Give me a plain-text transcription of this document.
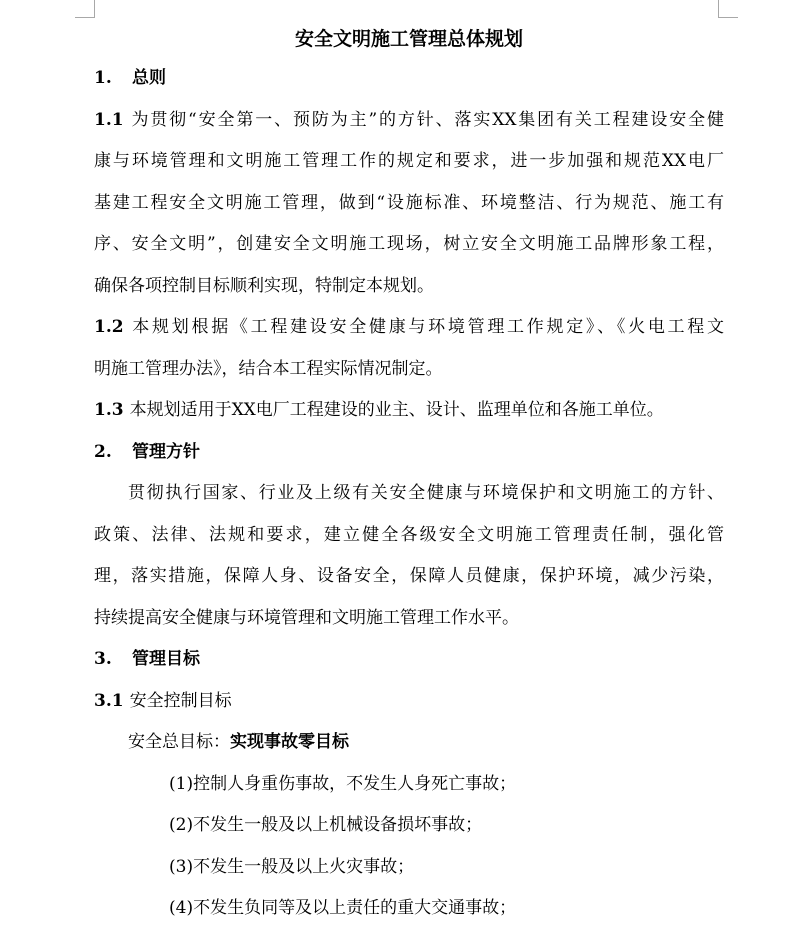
安全文明施工管理总体规划
1. 总则
1.1 为贯彻“安全第一、预防为主”的方针、落实XX集团有关工程建设安全健
康与环境管理和文明施工管理工作的规定和要求，进一步加强和规范XX电厂
基建工程安全文明施工管理，做到“设施标准、环境整洁、行为规范、施工有
序、安全文明”，创建安全文明施工现场，树立安全文明施工品牌形象工程，
确保各项控制目标顺利实现，特制定本规划。
1.2 本规划根据《工程建设安全健康与环境管理工作规定》、《火电工程文
明施工管理办法》，结合本工程实际情况制定。
1.3 本规划适用于XX电厂工程建设的业主、设计、监理单位和各施工单位。
2. 管理方针
贯彻执行国家、行业及上级有关安全健康与环境保护和文明施工的方针、
政策、法律、法规和要求，建立健全各级安全文明施工管理责任制，强化管
理，落实措施，保障人身、设备安全，保障人员健康，保护环境，减少污染，
持续提高安全健康与环境管理和文明施工管理工作水平。
3. 管理目标
3.1 安全控制目标
安全总目标：实现事故零目标
(1)控制人身重伤事故，不发生人身死亡事故；
(2)不发生一般及以上机械设备损坏事故；
(3)不发生一般及以上火灾事故；
(4)不发生负同等及以上责任的重大交通事故；
